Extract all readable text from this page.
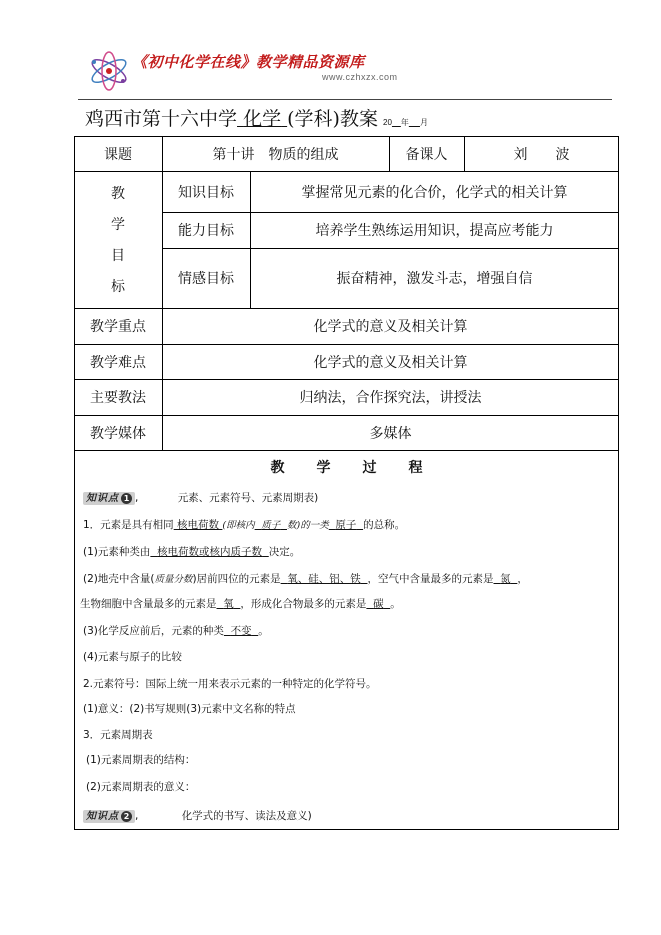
《初中化学在线》教学精品资源库
www.czhxzx.com
鸡西市第十六中学 化学 (学科)教案 20 年 月
课题	第十讲　物质的组成	备课人	刘　　波
教
学
目
标
知识目标	掌握常见元素的化合价，化学式的相关计算
能力目标	培养学生熟练运用知识，提高应考能力
情感目标	振奋精神，激发斗志，增强自信
教学重点	化学式的意义及相关计算
教学难点	化学式的意义及相关计算
主要教法	归纳法，合作探究法，讲授法
教学媒体	多媒体
教学过程
知识点 1 ,	元素、元素符号、元素周期表)
1．元素是具有相同 核电荷数 (即核内 质子 数)的一类 原子 的总称。
(1)元素种类由 核电荷数或核内质子数 决定。
(2)地壳中含量(质量分数)居前四位的元素是 氧、硅、铝、铁 ，空气中含量最多的元素是 氮 ，
生物细胞中含量最多的元素是 氧 ，形成化合物最多的元素是 碳 。
(3)化学反应前后，元素的种类 不变 。
(4)元素与原子的比较
2.元素符号：国际上统一用来表示元素的一种特定的化学符号。
(1)意义：(2)书写规则(3)元素中文名称的特点
3．元素周期表
(1)元素周期表的结构：
(2)元素周期表的意义：
知识点 2 ,	化学式的书写、读法及意义)
